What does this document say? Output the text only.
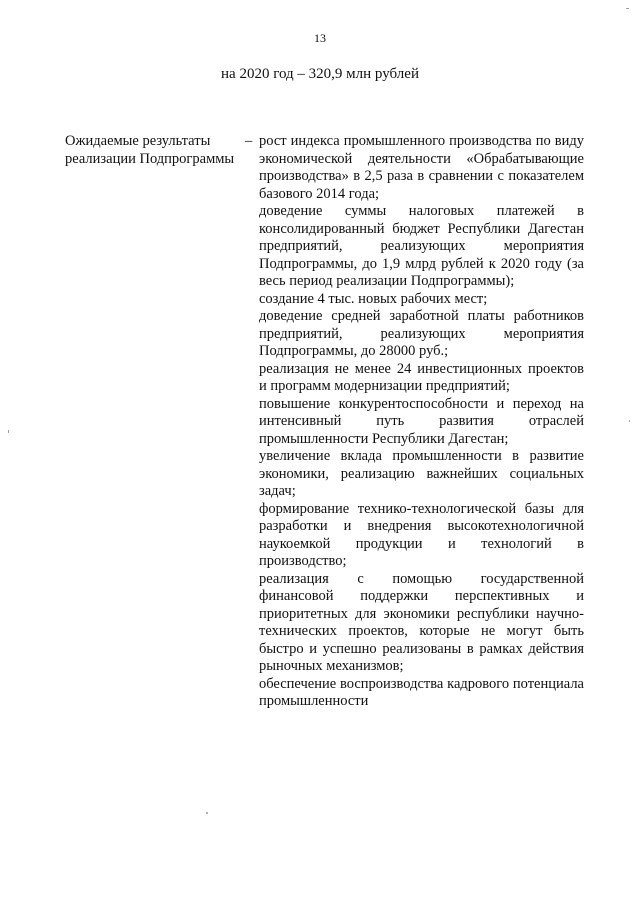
13
на 2020 год – 320,9 млн рублей
Ожидаемые результаты реализации Подпрограммы
– рост индекса промышленного производства по виду экономической деятельности «Обрабатывающие производства» в 2,5 раза в сравнении с показателем базового 2014 года;
доведение суммы налоговых платежей в консолидированный бюджет Республики Дагестан предприятий, реализующих мероприятия Подпрограммы, до 1,9 млрд рублей к 2020 году (за весь период реализации Подпрограммы);
создание 4 тыс. новых рабочих мест;
доведение средней заработной платы работников предприятий, реализующих мероприятия Подпрограммы, до 28000 руб.;
реализация не менее 24 инвестиционных проектов и программ модернизации предприятий;
повышение конкурентоспособности и переход на интенсивный путь развития отраслей промышленности Республики Дагестан;
увеличение вклада промышленности в развитие экономики, реализацию важнейших социальных задач;
формирование технико-технологической базы для разработки и внедрения высокотехнологичной наукоемкой продукции и технологий в производство;
реализация с помощью государственной финансовой поддержки перспективных и приоритетных для экономики республики научно-технических проектов, которые не могут быть быстро и успешно реализованы в рамках действия рыночных механизмов;
обеспечение воспроизводства кадрового потенциала промышленности
